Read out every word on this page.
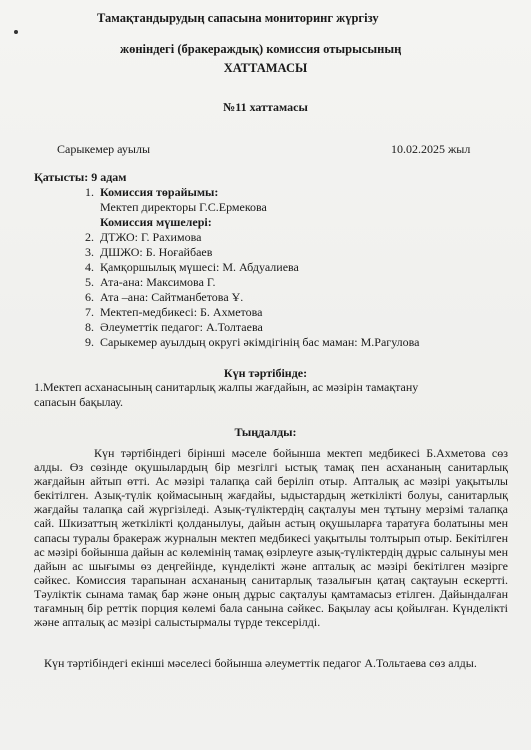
Тамақтандырудың сапасына мониторинг жүргізу
жөніндегі (бракераждық) комиссия отырысының
ХАТТАМАСЫ
№11 хаттамасы
Сарыкемер ауылы	10.02.2025 жыл
Қатысты: 9 адам
1. Комиссия төрайымы:
Мектеп директоры Г.С.Ермекова
Комиссия мүшелері:
2. ДТЖО: Г. Рахимова
3. ДШЖО: Б. Ноғайбаев
4. Қамқоршылық мүшесі: М. Абдуалиева
5. Ата-ана: Максимова Г.
6. Ата –ана: Сайтманбетова Ұ.
7. Мектеп-медбикесі: Б. Ахметова
8. Әлеуметтік педагог: А.Толтаева
9. Сарыкемер ауылдың округі әкімдігінің бас маман: М.Рагулова
Күн тәртібінде:
1.Мектеп асханасының санитарлық жалпы жағдайын, ас мәзірін тамақтану
сапасын бақылау.
Тыңдалды:
Күн тәртібіндегі бірінші мәселе бойынша мектеп медбикесі Б.Ахметова сөз алды. Өз сөзінде оқушылардың бір мезгілгі ыстық тамақ пен асхананың санитарлық жағдайын айтып өтті. Ас мәзірі талапқа сай беріліп отыр. Апталық ас мәзірі уақытылы бекітілген. Азық-түлік қоймасының жағдайы, ыдыстардың жеткілікті болуы, санитарлық жағдайы талапқа сай жүргізіледі. Азық-түліктердің сақталуы мен тұтыну мерзімі талапқа сай. Шкизаттың жеткілікті қолданылуы, дайын астың оқушыларға таратуға болатыны мен сапасы туралы бракераж журналын мектеп медбикесі уақытылы толтырып отыр. Бекітілген ас мәзірі бойынша дайын ас көлемінің тамақ өзірлеуге азық-түліктердің дұрыс салынуы мен дайын ас шығымы өз деңгейінде, күнделікті және апталық ас мәзірі бекітілген мәзірге сәйкес. Комиссия тарапынан асхананың санитарлық тазалығын қатаң сақтауын ескертті. Тәуліктік сынама тамақ бар және оның дұрыс сақталуы қамтамасыз етілген. Дайындалған тағамның бір реттік порция көлемі бала санына сәйкес. Бақылау асы қойылған. Күнделікті және апталық ас мәзірі салыстырмалы түрде тексерілді.
Күн тәртібіндегі екінші мәселесі бойынша әлеуметтік педагог А.Тольтаева сөз алды.
